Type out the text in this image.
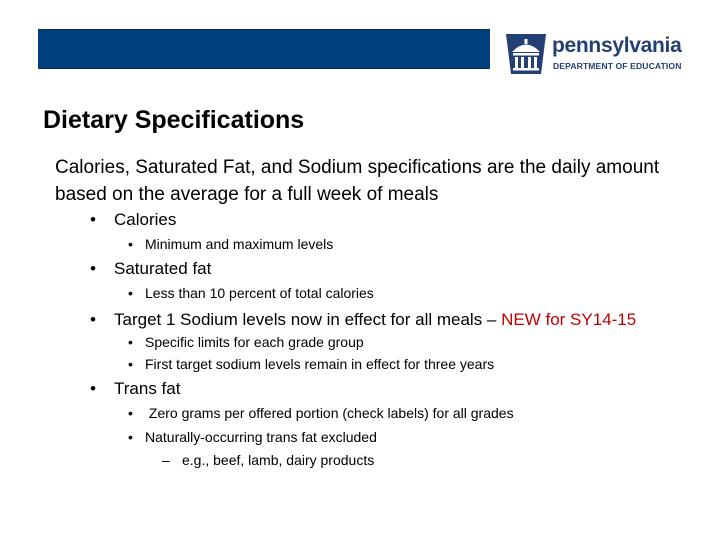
pennsylvania
DEPARTMENT OF EDUCATION
Dietary Specifications
Calories, Saturated Fat, and Sodium specifications are the daily amount based on the average for a full week of meals
• Calories
• Minimum and maximum levels
• Saturated fat
• Less than 10 percent of total calories
• Target 1 Sodium levels now in effect for all meals – NEW for SY14-15
• Specific limits for each grade group
• First target sodium levels remain in effect for three years
• Trans fat
• Zero grams per offered portion (check labels) for all grades
• Naturally-occurring trans fat excluded
– e.g., beef, lamb, dairy products
